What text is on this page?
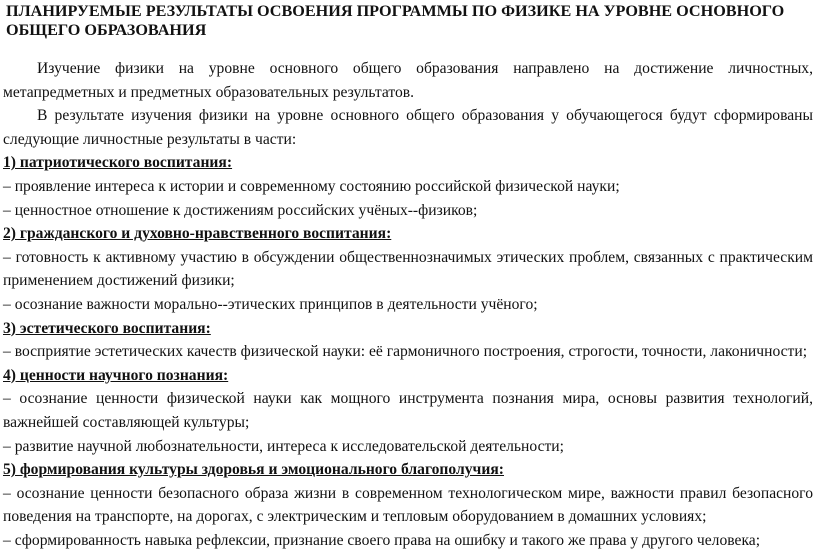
ПЛАНИРУЕМЫЕ РЕЗУЛЬТАТЫ ОСВОЕНИЯ ПРОГРАММЫ ПО ФИЗИКЕ НА УРОВНЕ ОСНОВНОГО ОБЩЕГО ОБРАЗОВАНИЯ

Изучение физики на уровне основного общего образования направлено на достижение личностных, метапредметных и предметных образовательных результатов.

В результате изучения физики на уровне основного общего образования у обучающегося будут сформированы следующие личностные результаты в части:

1) патриотического воспитания:

– проявление интереса к истории и современному состоянию российской физической науки;

– ценностное отношение к достижениям российских учёных--физиков;

2) гражданского и духовно-нравственного воспитания:

– готовность к активному участию в обсуждении общественнозначимых этических проблем, связанных с практическим применением достижений физики;

– осознание важности морально--этических принципов в деятельности учёного;

3) эстетического воспитания:

– восприятие эстетических качеств физической науки: её гармоничного построения, строгости, точности, лаконичности;

4) ценности научного познания:

– осознание ценности физической науки как мощного инструмента познания мира, основы развития технологий, важнейшей составляющей культуры;

– развитие научной любознательности, интереса к исследовательской деятельности;

5) формирования культуры здоровья и эмоционального благополучия:

– осознание ценности безопасного образа жизни в современном технологическом мире, важности правил безопасного поведения на транспорте, на дорогах, с электрическим и тепловым оборудованием в домашних условиях;

– сформированность навыка рефлексии, признание своего права на ошибку и такого же права у другого человека;
